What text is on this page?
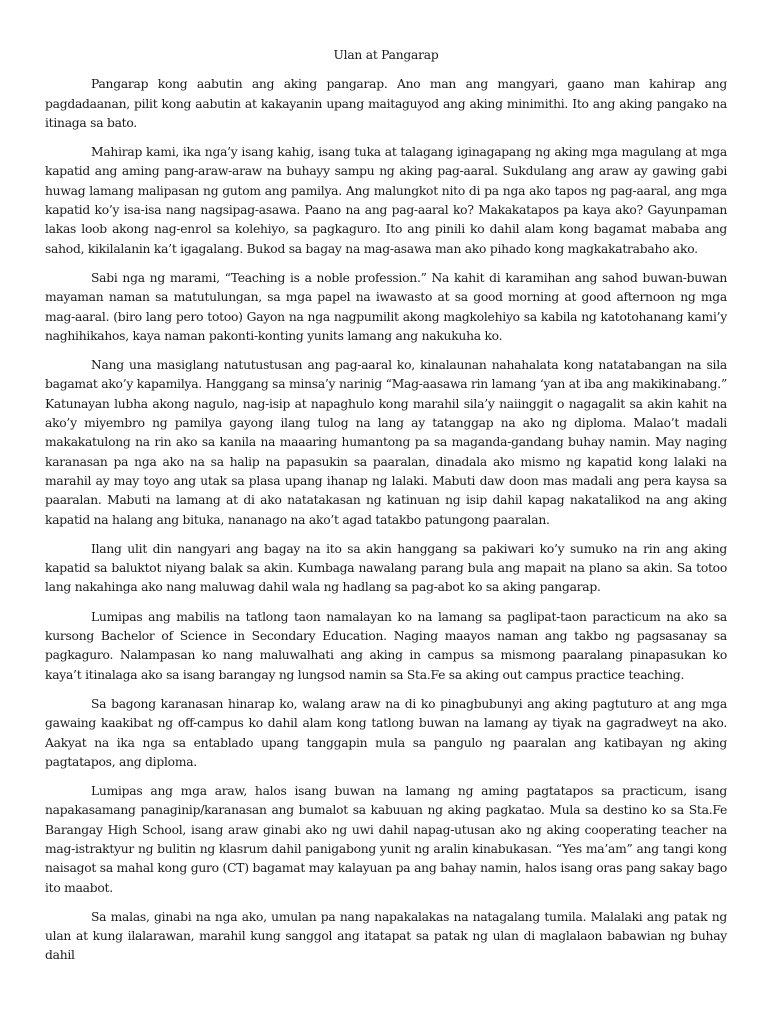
Ulan at Pangarap

Pangarap kong aabutin ang aking pangarap. Ano man ang mangyari, gaano man kahirap ang pagdadaanan, pilit kong aabutin at kakayanin upang maitaguyod ang aking minimithi. Ito ang aking pangako na itinaga sa bato.

Mahirap kami, ika nga’y isang kahig, isang tuka at talagang iginagapang ng aking mga magulang at mga kapatid ang aming pang-araw-araw na buhayy sampu ng aking pag-aaral. Sukdulang ang araw ay gawing gabi huwag lamang malipasan ng gutom ang pamilya. Ang malungkot nito di pa nga ako tapos ng pag-aaral, ang mga kapatid ko’y isa-isa nang nagsipag-asawa. Paano na ang pag-aaral ko? Makakatapos pa kaya ako? Gayunpaman lakas loob akong nag-enrol sa kolehiyo, sa pagkaguro. Ito ang pinili ko dahil alam kong bagamat mababa ang sahod, kikilalanin ka’t igagalang. Bukod sa bagay na mag-asawa man ako pihado kong magkakatrabaho ako.

Sabi nga ng marami, “Teaching is a noble profession.” Na kahit di karamihan ang sahod buwan-buwan mayaman naman sa matutulungan, sa mga papel na iwawasto at sa good morning at good afternoon ng mga mag-aaral. (biro lang pero totoo) Gayon na nga nagpumilit akong magkolehiyo sa kabila ng katotohanang kami’y naghihikahos, kaya naman pakonti-konting yunits lamang ang nakukuha ko.

Nang una masiglang natutustusan ang pag-aaral ko, kinalaunan nahahalata kong natatabangan na sila bagamat ako’y kapamilya. Hanggang sa minsa’y narinig “Mag-aasawa rin lamang ‘yan at iba ang makikinabang.” Katunayan lubha akong nagulo, nag-isip at napaghulo kong marahil sila’y naiinggit o nagagalit sa akin kahit na ako’y miyembro ng pamilya gayong ilang tulog na lang ay tatanggap na ako ng diploma. Malao’t madali makakatulong na rin ako sa kanila na maaaring humantong pa sa maganda-gandang buhay namin. May naging karanasan pa nga ako na sa halip na papasukin sa paaralan, dinadala ako mismo ng kapatid kong lalaki na marahil ay may toyo ang utak sa plasa upang ihanap ng lalaki. Mabuti daw doon mas madali ang pera kaysa sa paaralan. Mabuti na lamang at di ako natatakasan ng katinuan ng isip dahil kapag nakatalikod na ang aking kapatid na halang ang bituka, nananago na ako’t agad tatakbo patungong paaralan.

Ilang ulit din nangyari ang bagay na ito sa akin hanggang sa pakiwari ko’y sumuko na rin ang aking kapatid sa baluktot niyang balak sa akin. Kumbaga nawalang parang bula ang mapait na plano sa akin. Sa totoo lang nakahinga ako nang maluwag dahil wala ng hadlang sa pag-abot ko sa aking pangarap.

Lumipas ang mabilis na tatlong taon namalayan ko na lamang sa paglipat-taon paracticum na ako sa kursong Bachelor of Science in Secondary Education. Naging maayos naman ang takbo ng pagsasanay sa pagkaguro. Nalampasan ko nang maluwalhati ang aking in campus sa mismong paaralang pinapasukan ko kaya’t itinalaga ako sa isang barangay ng lungsod namin sa Sta.Fe sa aking out campus practice teaching.

Sa bagong karanasan hinarap ko, walang araw na di ko pinagbubunyi ang aking pagtuturo at ang mga gawaing kaakibat ng off-campus ko dahil alam kong tatlong buwan na lamang ay tiyak na gagradweyt na ako. Aakyat na ika nga sa entablado upang tanggapin mula sa pangulo ng paaralan ang katibayan ng aking pagtatapos, ang diploma.

Lumipas ang mga araw, halos isang buwan na lamang ng aming pagtatapos sa practicum, isang napakasamang panaginip/karanasan ang bumalot sa kabuuan ng aking pagkatao. Mula sa destino ko sa Sta.Fe Barangay High School, isang araw ginabi ako ng uwi dahil napag-utusan ako ng aking cooperating teacher na mag-istraktyur ng bulitin ng klasrum dahil panigabong yunit ng aralin kinabukasan. “Yes ma’am” ang tangi kong naisagot sa mahal kong guro (CT) bagamat may kalayuan pa ang bahay namin, halos isang oras pang sakay bago ito maabot.

Sa malas, ginabi na nga ako, umulan pa nang napakalakas na natagalang tumila. Malalaki ang patak ng ulan at kung ilalarawan, marahil kung sanggol ang itatapat sa patak ng ulan di maglalaon babawian ng buhay dahil
